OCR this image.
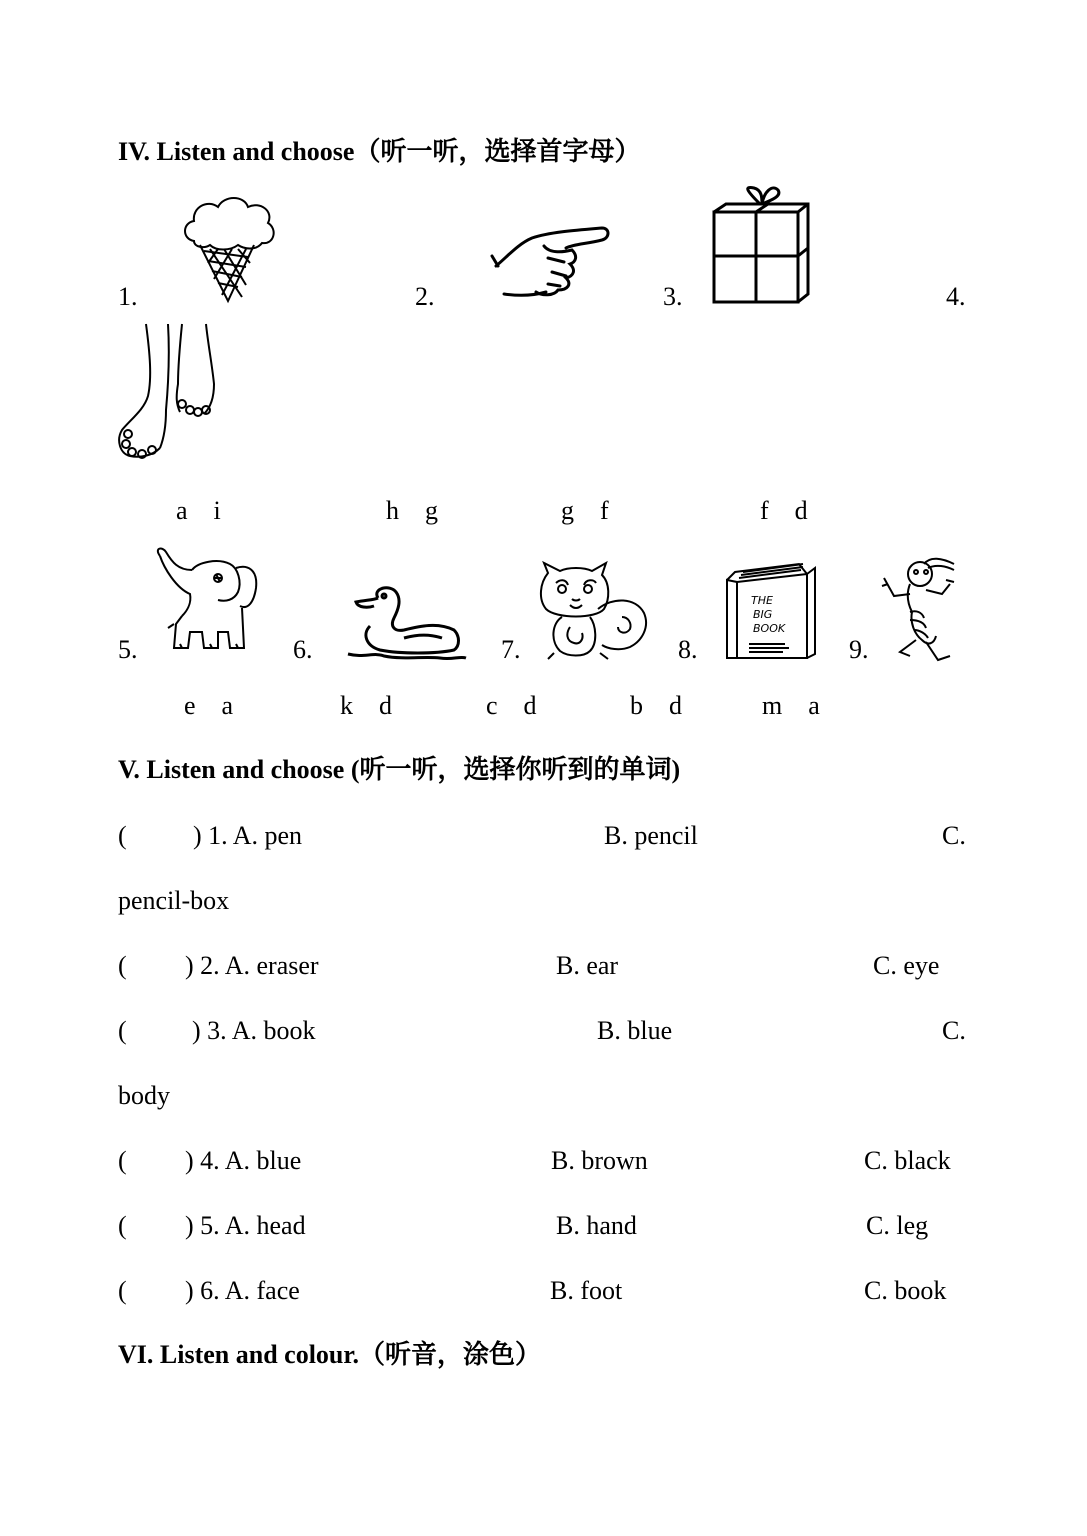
IV. Listen and choose（听一听，选择首字母）
1.	2.	3.	4.
a　i	h　g	g　f	f　d
5.	6.	7.	8.	9.
THE
BIG
BOOK
e　a	k　d	c　d	b　d	m　a
V. Listen and choose (听一听，选择你听到的单词)
(	) 1. A. pen	B. pencil	C.
pencil-box
( ) 2. A. eraser	B. ear	C. eye
(	) 3. A. book	B. blue	C.
body
( ) 4. A. blue	B. brown	C. black
( ) 5. A. head	B. hand	C. leg
( ) 6. A. face	B. foot	C. book
VI. Listen and colour.（听音，涂色）
